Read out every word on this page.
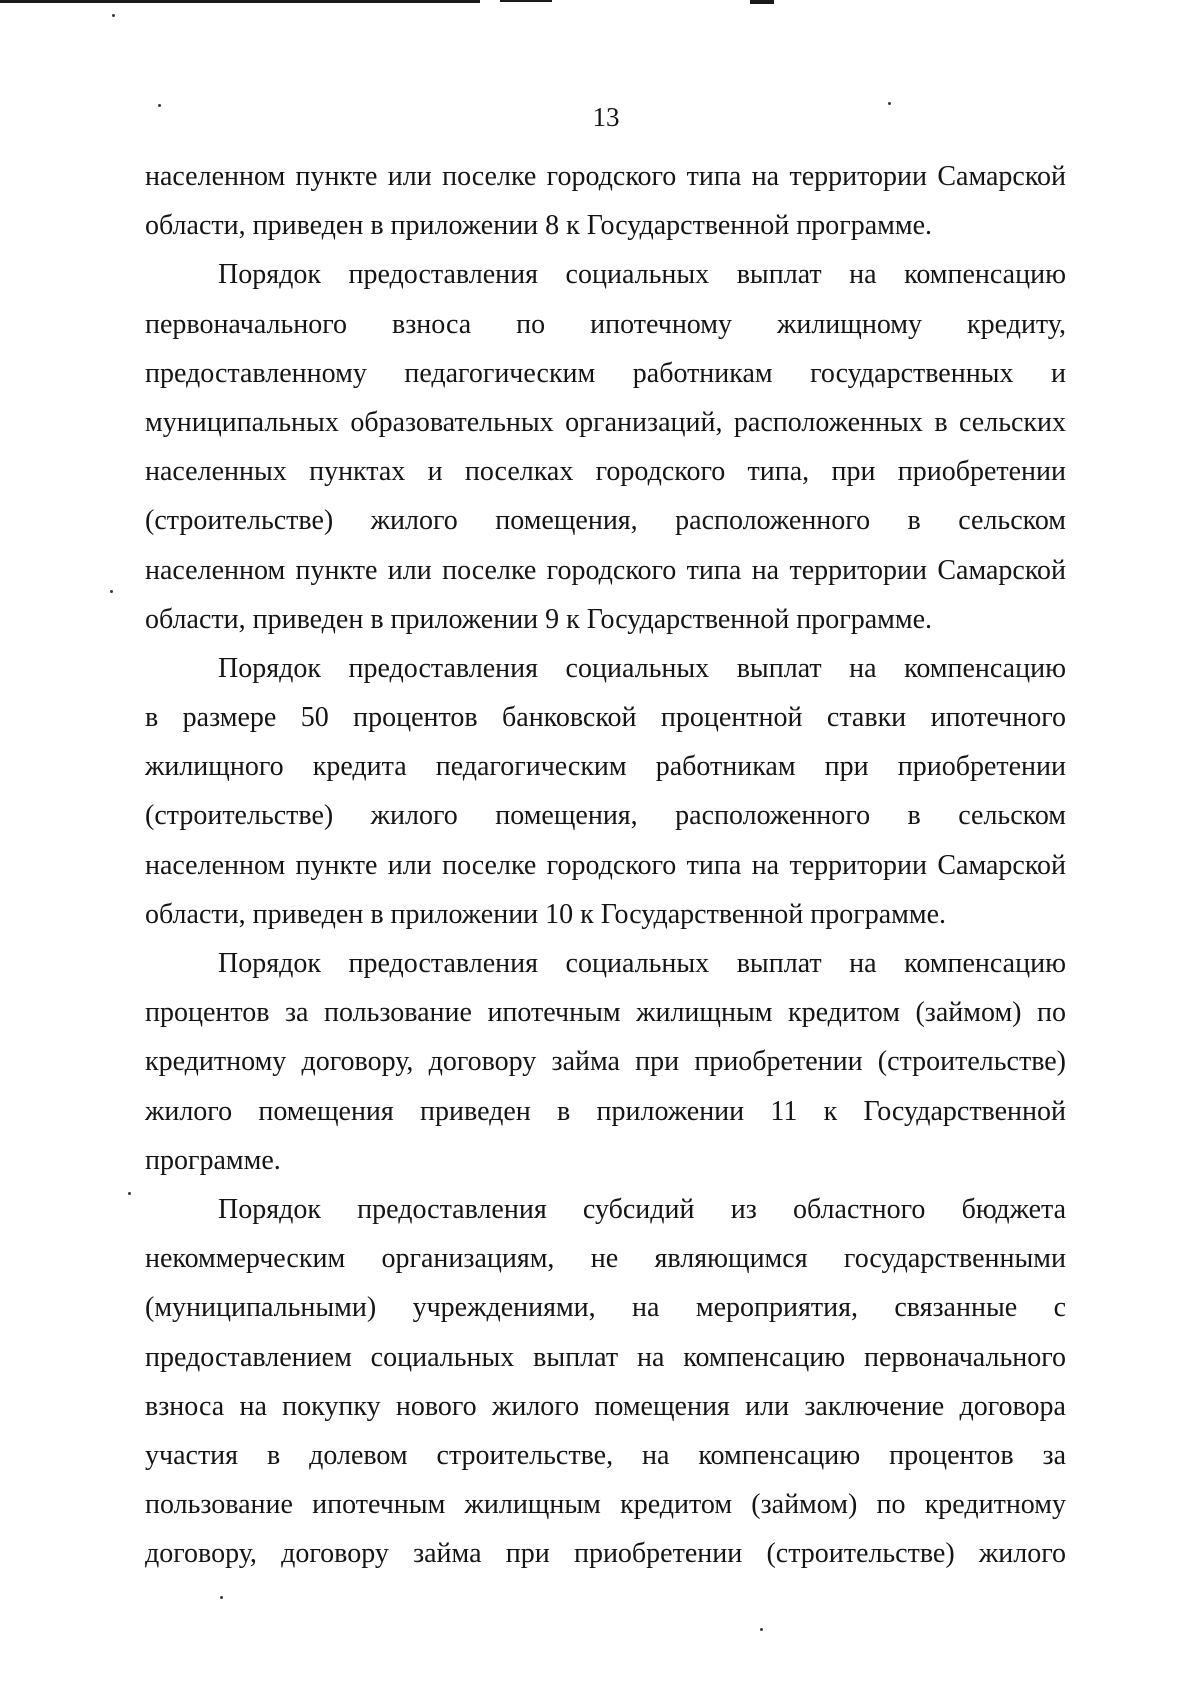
13
населенном пункте или поселке городского типа на территории Самарской
области, приведен в приложении 8 к Государственной программе.
Порядок предоставления социальных выплат на компенсацию
первоначального взноса по ипотечному жилищному кредиту,
предоставленному педагогическим работникам государственных и
муниципальных образовательных организаций, расположенных в сельских
населенных пунктах и поселках городского типа, при приобретении
(строительстве) жилого помещения, расположенного в сельском
населенном пункте или поселке городского типа на территории Самарской
области, приведен в приложении 9 к Государственной программе.
Порядок предоставления социальных выплат на компенсацию
в размере 50 процентов банковской процентной ставки ипотечного
жилищного кредита педагогическим работникам при приобретении
(строительстве) жилого помещения, расположенного в сельском
населенном пункте или поселке городского типа на территории Самарской
области, приведен в приложении 10 к Государственной программе.
Порядок предоставления социальных выплат на компенсацию
процентов за пользование ипотечным жилищным кредитом (займом) по
кредитному договору, договору займа при приобретении (строительстве)
жилого помещения приведен в приложении 11 к Государственной
программе.
Порядок предоставления субсидий из областного бюджета
некоммерческим организациям, не являющимся государственными
(муниципальными) учреждениями, на мероприятия, связанные с
предоставлением социальных выплат на компенсацию первоначального
взноса на покупку нового жилого помещения или заключение договора
участия в долевом строительстве, на компенсацию процентов за
пользование ипотечным жилищным кредитом (займом) по кредитному
договору, договору займа при приобретении (строительстве) жилого
